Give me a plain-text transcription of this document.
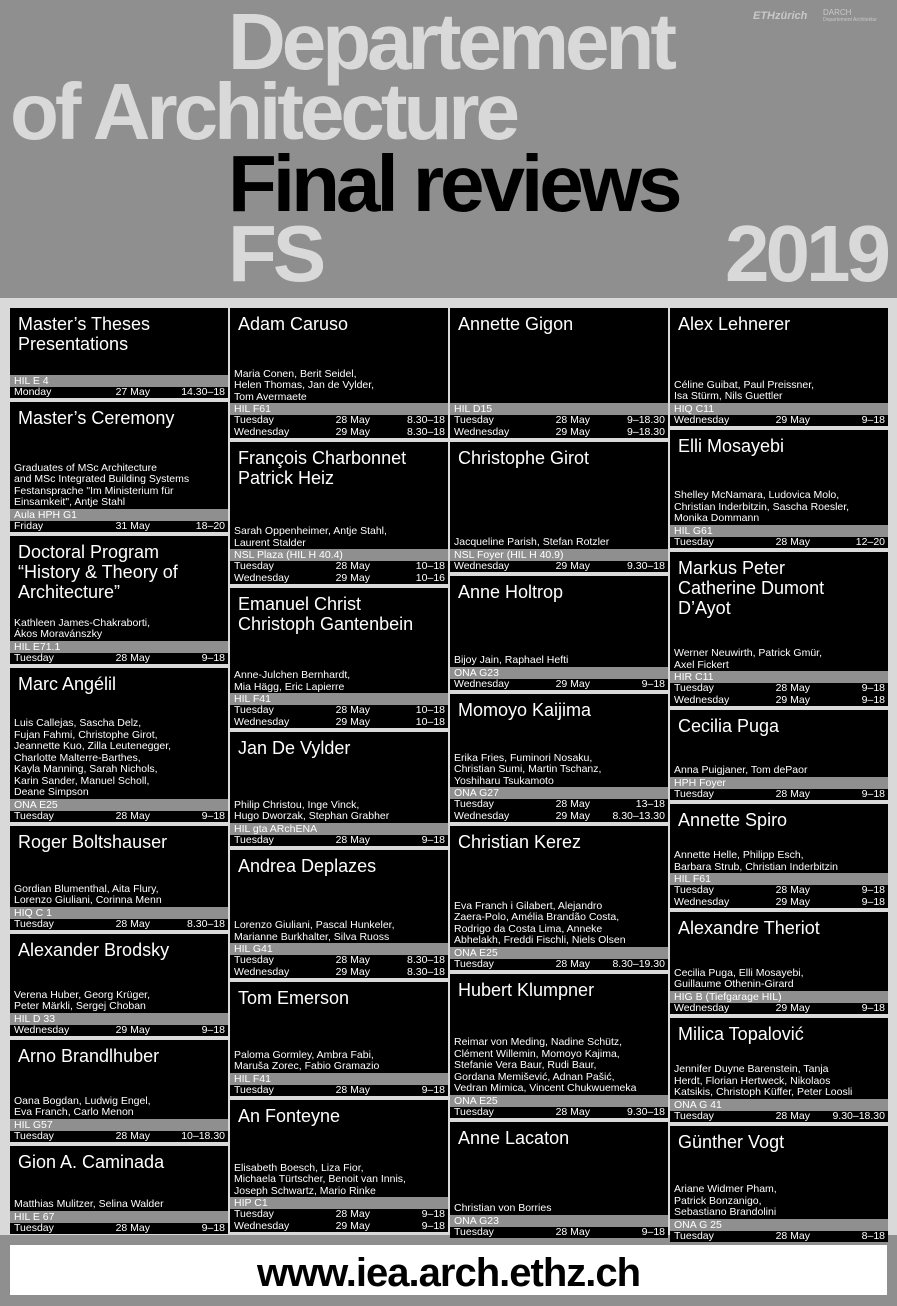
Departement
of Architecture
Final reviews
FS	2019
ETHzürich DARCH
Departement Architektur
Master’s Theses
Presentations
HIL E 4
Monday	27 May	14.30–18
Master’s Ceremony
Graduates of MSc Architecture
and MSc Integrated Building Systems
Festansprache "Im Ministerium für
Einsamkeit", Antje Stahl
Aula HPH G1
Friday	31 May	18–20
Doctoral Program
“History & Theory of
Architecture”
Kathleen James-Chakraborti,
Ákos Moravánszky
HIL E71.1
Tuesday	28 May	9–18
Marc Angélil
Luis Callejas, Sascha Delz,
Fujan Fahmi, Christophe Girot,
Jeannette Kuo, Zilla Leutenegger,
Charlotte Malterre-Barthes,
Kayla Manning, Sarah Nichols,
Karin Sander, Manuel Scholl,
Deane Simpson
ONA E25
Tuesday	28 May	9–18
Roger Boltshauser
Gordian Blumenthal, Aita Flury,
Lorenzo Giuliani, Corinna Menn
HIQ C 1
Tuesday	28 May	8.30–18
Alexander Brodsky
Verena Huber, Georg Krüger,
Peter Märkli, Sergej Choban
HIL D 33
Wednesday	29 May	9–18
Arno Brandlhuber
Oana Bogdan, Ludwig Engel,
Eva Franch, Carlo Menon
HIL G57
Tuesday	28 May	10–18.30
Gion A. Caminada
Matthias Mulitzer, Selina Walder
HIL E 67
Tuesday	28 May	9–18
Adam Caruso
Maria Conen, Berit Seidel,
Helen Thomas, Jan de Vylder,
Tom Avermaete
HIL F61
Tuesday	28 May	8.30–18
Wednesday	29 May	8.30–18
François Charbonnet
Patrick Heiz
Sarah Oppenheimer, Antje Stahl,
Laurent Stalder
NSL Plaza (HIL H 40.4)
Tuesday	28 May	10–18
Wednesday	29 May	10–16
Emanuel Christ
Christoph Gantenbein
Anne-Julchen Bernhardt,
Mia Hägg, Eric Lapierre
HIL F41
Tuesday	28 May	10–18
Wednesday	29 May	10–18
Jan De Vylder
Philip Christou, Inge Vinck,
Hugo Dworzak, Stephan Grabher
HIL gta ARchENA
Tuesday	28 May	9–18
Andrea Deplazes
Lorenzo Giuliani, Pascal Hunkeler,
Marianne Burkhalter, Silva Ruoss
HIL G41
Tuesday	28 May	8.30–18
Wednesday	29 May	8.30–18
Tom Emerson
Paloma Gormley, Ambra Fabi,
Maruša Zorec, Fabio Gramazio
HIL F41
Tuesday	28 May	9–18
An Fonteyne
Elisabeth Boesch, Liza Fior,
Michaela Türtscher, Benoit van Innis,
Joseph Schwartz, Mario Rinke
HIP C1
Tuesday	28 May	9–18
Wednesday	29 May	9–18
Annette Gigon
HIL D15
Tuesday	28 May	9–18.30
Wednesday	29 May	9–18.30
Christophe Girot
Jacqueline Parish, Stefan Rotzler
NSL Foyer (HIL H 40.9)
Wednesday	29 May	9.30–18
Anne Holtrop
Bijoy Jain, Raphael Hefti
ONA G23
Wednesday	29 May	9–18
Momoyo Kaijima
Erika Fries, Fuminori Nosaku,
Christian Sumi, Martin Tschanz,
Yoshiharu Tsukamoto
ONA G27
Tuesday	28 May	13–18
Wednesday	29 May 8.30–13.30
Christian Kerez
Eva Franch i Gilabert, Alejandro
Zaera-Polo, Amélia Brandão Costa,
Rodrigo da Costa Lima, Anneke
Abhelakh, Freddi Fischli, Niels Olsen
ONA E25
Tuesday	28 May 8.30–19.30
Hubert Klumpner
Reimar von Meding, Nadine Schütz,
Clément Willemin, Momoyo Kajima,
Stefanie Vera Baur, Rudi Baur,
Gordana Memišević, Adnan Pašić,
Vedran Mimica, Vincent Chukwuemeka
ONA E25
Tuesday	28 May	9.30–18
Anne Lacaton
Christian von Borries
ONA G23
Tuesday	28 May	9–18
Alex Lehnerer
Céline Guibat, Paul Preissner,
Isa Stürm, Nils Guettler
HIQ C11
Wednesday	29 May	9–18
Elli Mosayebi
Shelley McNamara, Ludovica Molo,
Christian Inderbitzin, Sascha Roesler,
Monika Dommann
HIL G61
Tuesday	28 May	12–20
Markus Peter
Catherine Dumont
D’Ayot
Werner Neuwirth, Patrick Gmür,
Axel Fickert
HIR C11
Tuesday	28 May	9–18
Wednesday	29 May	9–18
Cecilia Puga
Anna Puigjaner, Tom dePaor
HPH Foyer
Tuesday	28 May	9–18
Annette Spiro
Annette Helle, Philipp Esch,
Barbara Strub, Christian Inderbitzin
HIL F61
Tuesday	28 May	9–18
Wednesday	29 May	9–18
Alexandre Theriot
Cecilia Puga, Elli Mosayebi,
Guillaume Othenin-Girard
HIG B (Tiefgarage HIL)
Wednesday	29 May	9–18
Milica Topalović
Jennifer Duyne Barenstein, Tanja
Herdt, Florian Hertweck, Nikolaos
Katsikis, Christoph Küffer, Peter Loosli
ONA G 41
Tuesday	28 May 9.30–18.30
Günther Vogt
Ariane Widmer Pham,
Patrick Bonzanigo,
Sebastiano Brandolini
ONA G 25
Tuesday	28 May	8–18
www.iea.arch.ethz.ch
